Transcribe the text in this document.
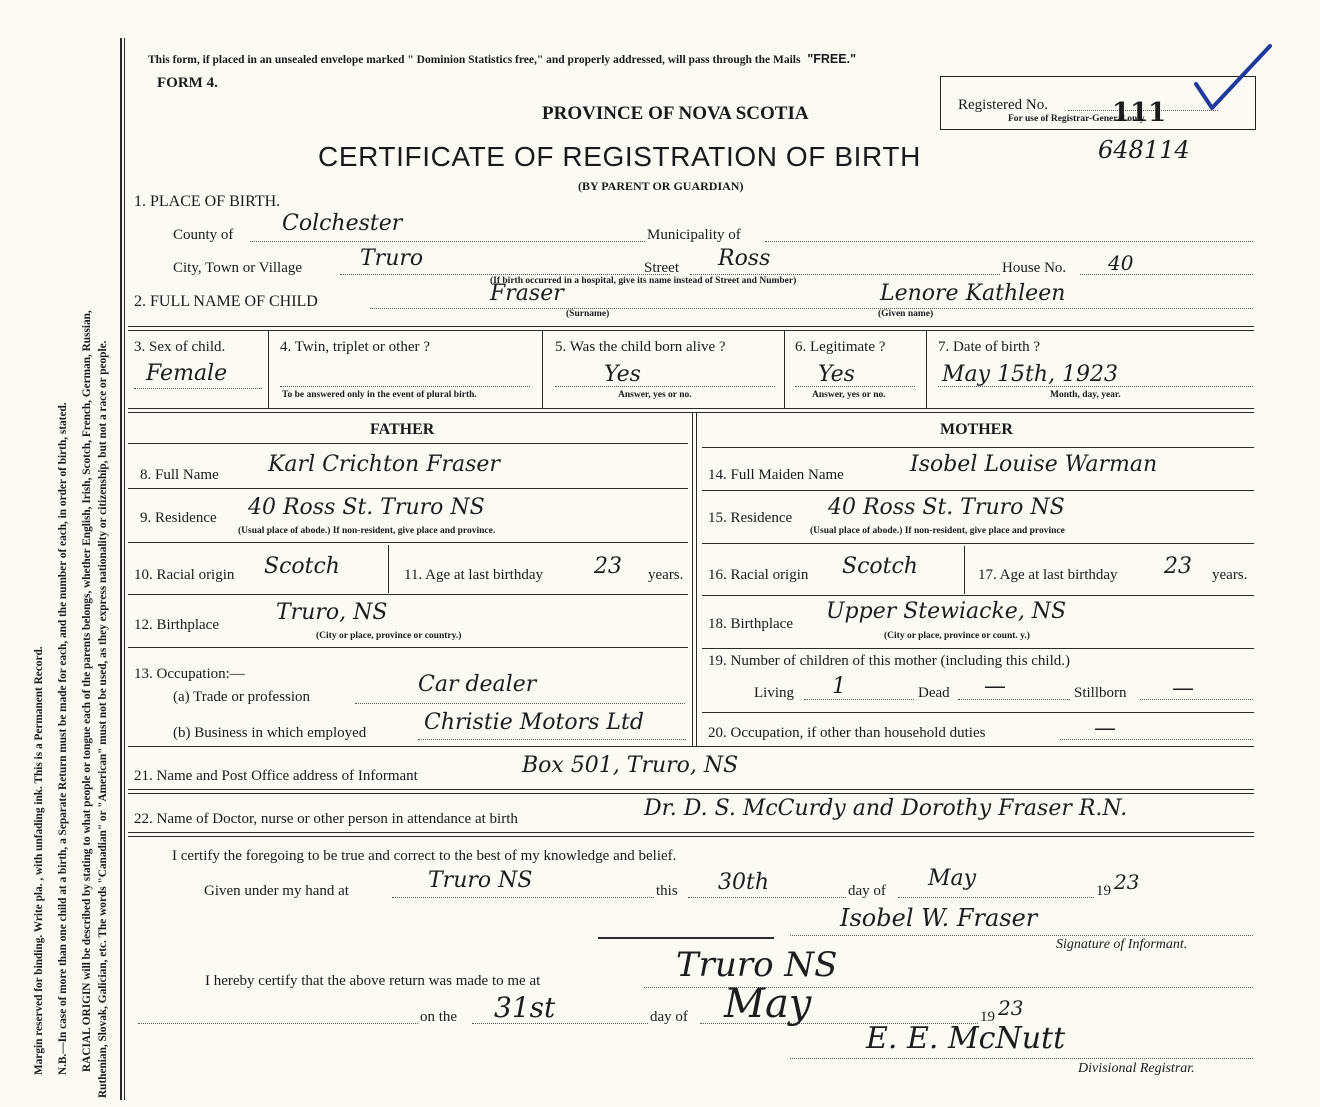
Margin reserved for binding. Write pla. , with unfading ink. This is a Permanent Record. N.B.—In case of more than one child at a birth, a Separate Return must be made for each, and the number of each, in order of birth, stated. RACIAL ORIGIN will be described by stating to what people or tongue each of the parents belongs, whether English, Irish, Scotch, French, German, Russian, Ruthenian, Slovak, Galician, etc. The words "Canadian" or "American" must not be used, as they express nationality or citizenship, but not a race or people.
This form, if placed in an unsealed envelope marked " Dominion Statistics free," and properly addressed, will pass through the Mails "FREE."
FORM 4.
PROVINCE OF NOVA SCOTIA
CERTIFICATE OF REGISTRATION OF BIRTH
(BY PARENT OR GUARDIAN)
648114
Registered No. 111
For use of Registrar-General only.
1. PLACE OF BIRTH.
County of Colchester	Municipality of
City, Town or Village	Truro	Street Ross	House No. 40
(If birth occurred in a hospital, give its name instead of Street and Number)
2. FULL NAME OF CHILD	Fraser
(Surname)
Lenore Kathleen
(Given name)
3. Sex of child.
Female
4. Twin, triplet or other ?
To be answered only in the event of plural birth.
5. Was the child born alive ?
Yes
Answer, yes or no.
6. Legitimate ?
Yes
Answer, yes or no.
7. Date of birth ?
May 15th, 1923
Month, day, year.
FATHER	MOTHER
8. Full Name Karl Crichton Fraser
9. Residence 40 Ross St. Truro NS
(Usual place of abode.) If non-resident, give place and province.
10. Racial origin Scotch	11. Age at last birthday 23 years.
12. Birthplace	Truro, NS
(City or place, province or country.)
13. Occupation:—
(a) Trade or profession	Car dealer
(b) Business in which employed	Christie Motors Ltd
14. Full Maiden Name	Isobel Louise Warman
15. Residence 40 Ross St. Truro NS
(Usual place of abode.) If non-resident, give place and province
16. Racial origin Scotch	17. Age at last birthday 23 years.
18. Birthplace Upper Stewiacke, NS
(City or place, province or count. y.)
19. Number of children of this mother (including this child.)
Living 1	Dead —	Stillborn —
20. Occupation, if other than household duties	—
21. Name and Post Office address of Informant	Box 501, Truro, NS
22. Name of Doctor, nurse or other person in attendance at birth	Dr. D. S. McCurdy and Dorothy Fraser R.N.
I certify the foregoing to be true and correct to the best of my knowledge and belief.
Given under my hand at	Truro NS	this 30th	day of May	19 23
Isobel W. Fraser
Signature of Informant.
I hereby certify that the above return was made to me at	Truro NS
on the 31st	day of May	19 23
E. E. McNutt
Divisional Registrar.
